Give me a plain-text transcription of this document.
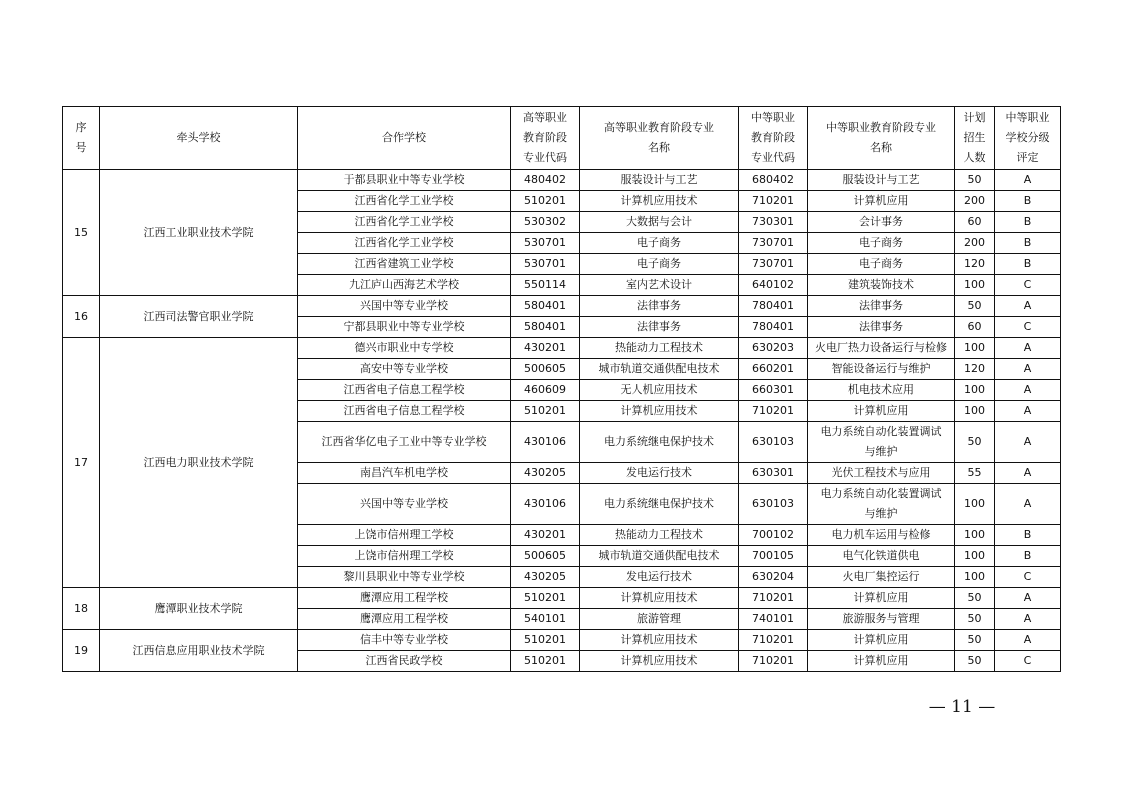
序号	牵头学校	合作学校	高等职业教育阶段专业代码	高等职业教育阶段专业名称	中等职业教育阶段专业代码	中等职业教育阶段专业名称	计划招生人数	中等职业学校分级评定
15	江西工业职业技术学院	于都县职业中等专业学校	480402	服装设计与工艺	680402	服装设计与工艺	50	A
		江西省化学工业学校	510201	计算机应用技术	710201	计算机应用	200	B
		江西省化学工业学校	530302	大数据与会计	730301	会计事务	60	B
		江西省化学工业学校	530701	电子商务	730701	电子商务	200	B
		江西省建筑工业学校	530701	电子商务	730701	电子商务	120	B
		九江庐山西海艺术学校	550114	室内艺术设计	640102	建筑装饰技术	100	C
16	江西司法警官职业学院	兴国中等专业学校	580401	法律事务	780401	法律事务	50	A
		宁都县职业中等专业学校	580401	法律事务	780401	法律事务	60	C
17	江西电力职业技术学院	德兴市职业中专学校	430201	热能动力工程技术	630203	火电厂热力设备运行与检修	100	A
		高安中等专业学校	500605	城市轨道交通供配电技术	660201	智能设备运行与维护	120	A
		江西省电子信息工程学校	460609	无人机应用技术	660301	机电技术应用	100	A
		江西省电子信息工程学校	510201	计算机应用技术	710201	计算机应用	100	A
		江西省华亿电子工业中等专业学校	430106	电力系统继电保护技术	630103	电力系统自动化装置调试与维护	50	A
		南昌汽车机电学校	430205	发电运行技术	630301	光伏工程技术与应用	55	A
		兴国中等专业学校	430106	电力系统继电保护技术	630103	电力系统自动化装置调试与维护	100	A
		上饶市信州理工学校	430201	热能动力工程技术	700102	电力机车运用与检修	100	B
		上饶市信州理工学校	500605	城市轨道交通供配电技术	700105	电气化铁道供电	100	B
		黎川县职业中等专业学校	430205	发电运行技术	630204	火电厂集控运行	100	C
18	鹰潭职业技术学院	鹰潭应用工程学校	510201	计算机应用技术	710201	计算机应用	50	A
		鹰潭应用工程学校	540101	旅游管理	740101	旅游服务与管理	50	A
19	江西信息应用职业技术学院	信丰中等专业学校	510201	计算机应用技术	710201	计算机应用	50	A
		江西省民政学校	510201	计算机应用技术	710201	计算机应用	50	C
— 11 —
